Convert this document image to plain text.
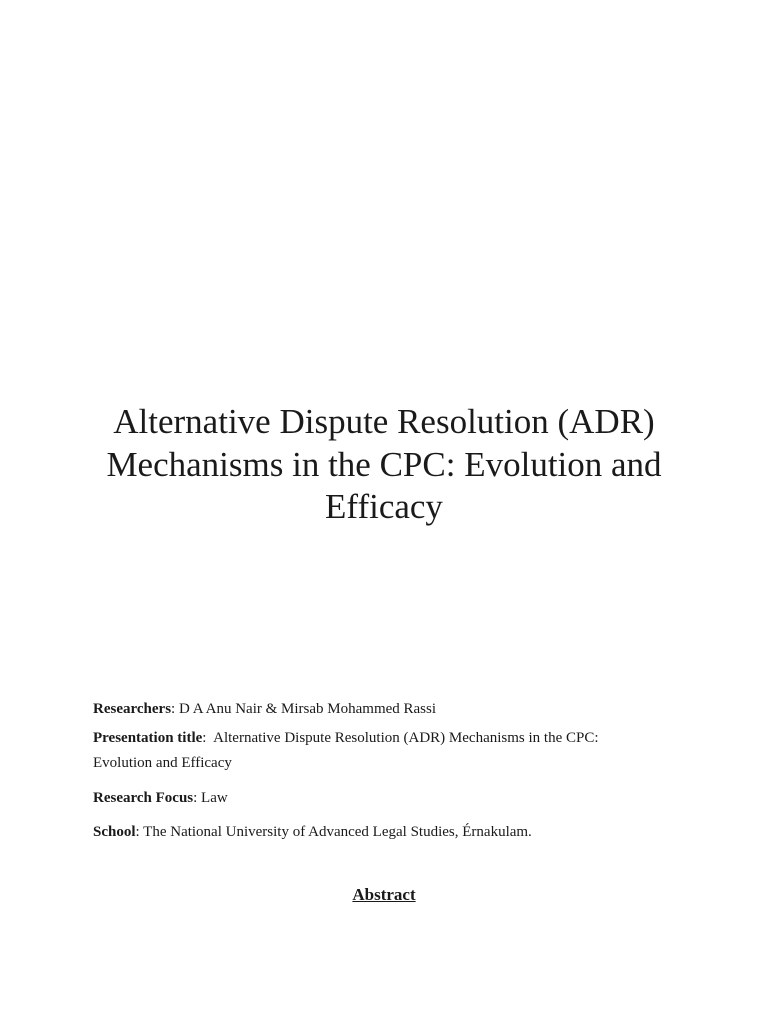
Alternative Dispute Resolution (ADR) Mechanisms in the CPC: Evolution and Efficacy

Researchers: D A Anu Nair & Mirsab Mohammed Rassi

Presentation title:  Alternative Dispute Resolution (ADR) Mechanisms in the CPC: Evolution and Efficacy

Research Focus: Law

School: The National University of Advanced Legal Studies, Érnakulam.

Abstract
